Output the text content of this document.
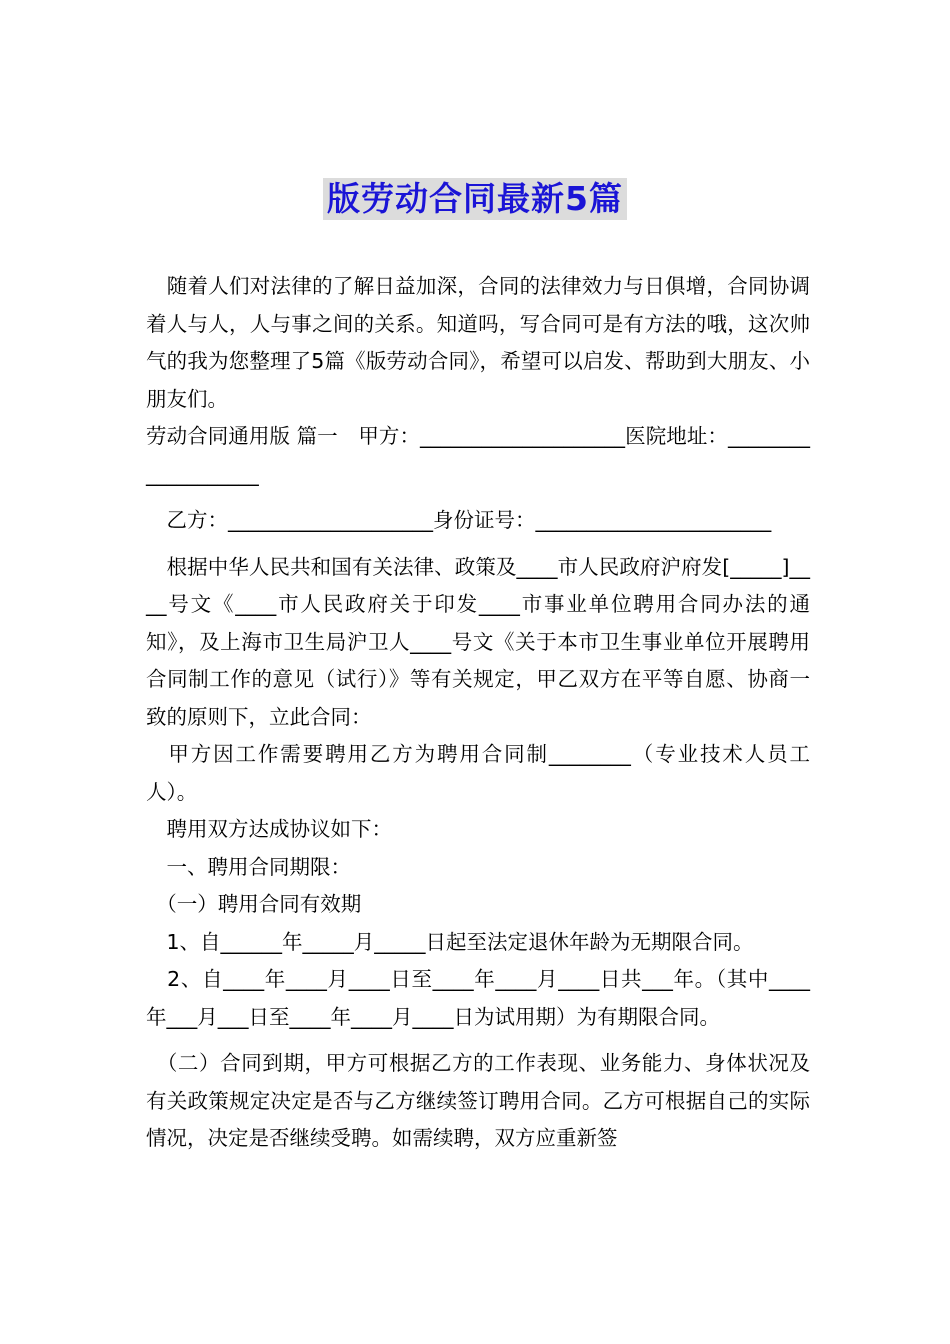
版劳动合同最新5篇

　随着人们对法律的了解日益加深，合同的法律效力与日俱增，合同协调着人与人，人与事之间的关系。知道吗，写合同可是有方法的哦，这次帅气的我为您整理了5篇《版劳动合同》，希望可以启发、帮助到大朋友、小朋友们。

劳动合同通用版 篇一　甲方：____________________医院地址：___________________

　乙方：____________________身份证号：_______________________

　根据中华人民共和国有关法律、政策及____市人民政府沪府发[_____]____号文《____市人民政府关于印发____市事业单位聘用合同办法的通知》，及上海市卫生局沪卫人____号文《关于本市卫生事业单位开展聘用合同制工作的意见（试行）》等有关规定，甲乙双方在平等自愿、协商一致的原则下，立此合同：

　甲方因工作需要聘用乙方为聘用合同制________（专业技术人员工人）。

　聘用双方达成协议如下：

　一、聘用合同期限：

　（一）聘用合同有效期

　1、自______年_____月_____日起至法定退休年龄为无期限合同。

　2、自____年____月____日至____年____月____日共___年。（其中____年___月___日至____年____月____日为试用期）为有期限合同。

　（二）合同到期，甲方可根据乙方的工作表现、业务能力、身体状况及有关政策规定决定是否与乙方继续签订聘用合同。乙方可根据自己的实际情况，决定是否继续受聘。如需续聘，双方应重新签
